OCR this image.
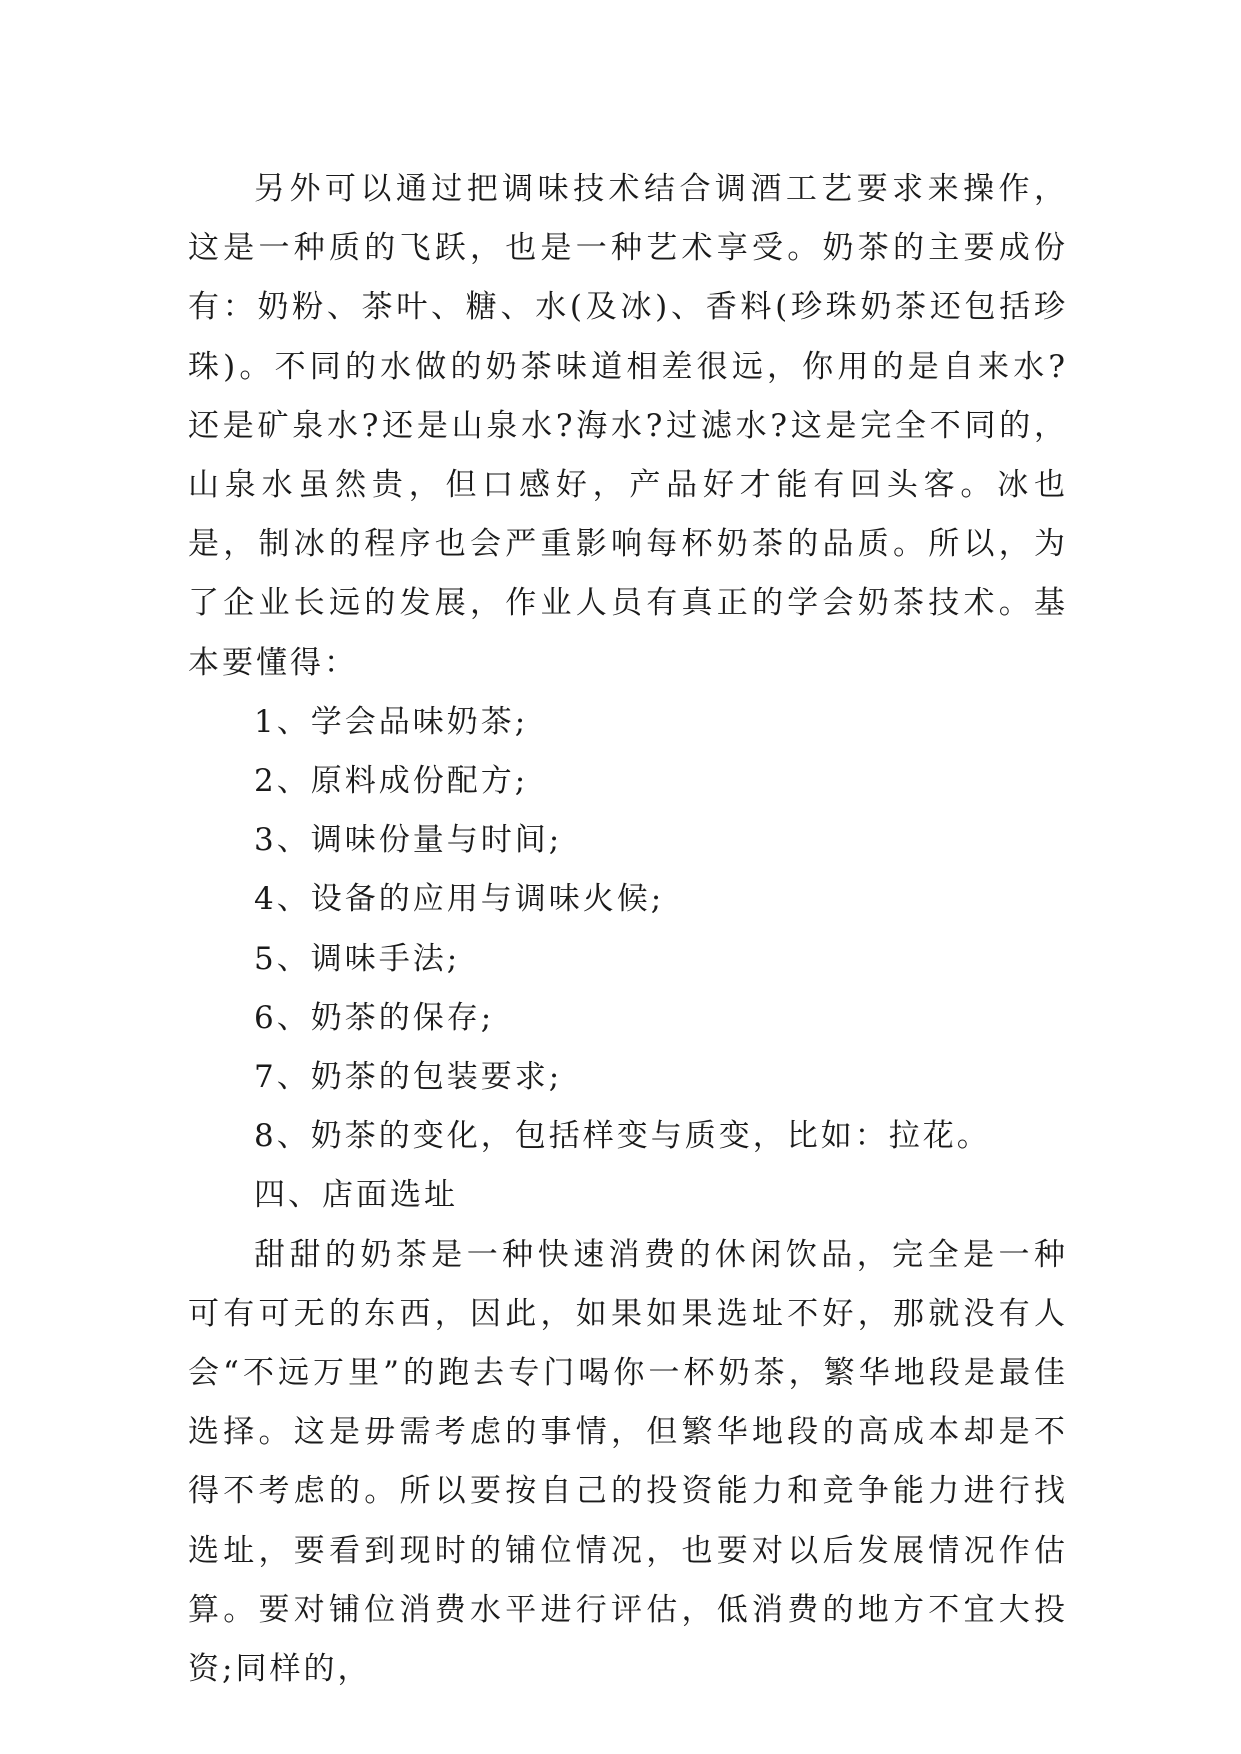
另外可以通过把调味技术结合调酒工艺要求来操作，这是一种质的飞跃，也是一种艺术享受。奶茶的主要成份有：奶粉、茶叶、糖、水(及冰)、香料(珍珠奶茶还包括珍珠)。不同的水做的奶茶味道相差很远，你用的是自来水?还是矿泉水?还是山泉水?海水?过滤水?这是完全不同的，山泉水虽然贵，但口感好，产品好才能有回头客。冰也是，制冰的程序也会严重影响每杯奶茶的品质。所以，为了企业长远的发展，作业人员有真正的学会奶茶技术。基本要懂得：

1、学会品味奶茶;

2、原料成份配方;

3、调味份量与时间;

4、设备的应用与调味火候;

5、调味手法;

6、奶茶的保存;

7、奶茶的包装要求;

8、奶茶的变化，包括样变与质变，比如：拉花。

四、店面选址

甜甜的奶茶是一种快速消费的休闲饮品，完全是一种可有可无的东西，因此，如果如果选址不好，那就没有人会“不远万里”的跑去专门喝你一杯奶茶，繁华地段是最佳选择。这是毋需考虑的事情，但繁华地段的高成本却是不得不考虑的。所以要按自己的投资能力和竞争能力进行找选址，要看到现时的铺位情况，也要对以后发展情况作估算。要对铺位消费水平进行评估，低消费的地方不宜大投资;同样的，
